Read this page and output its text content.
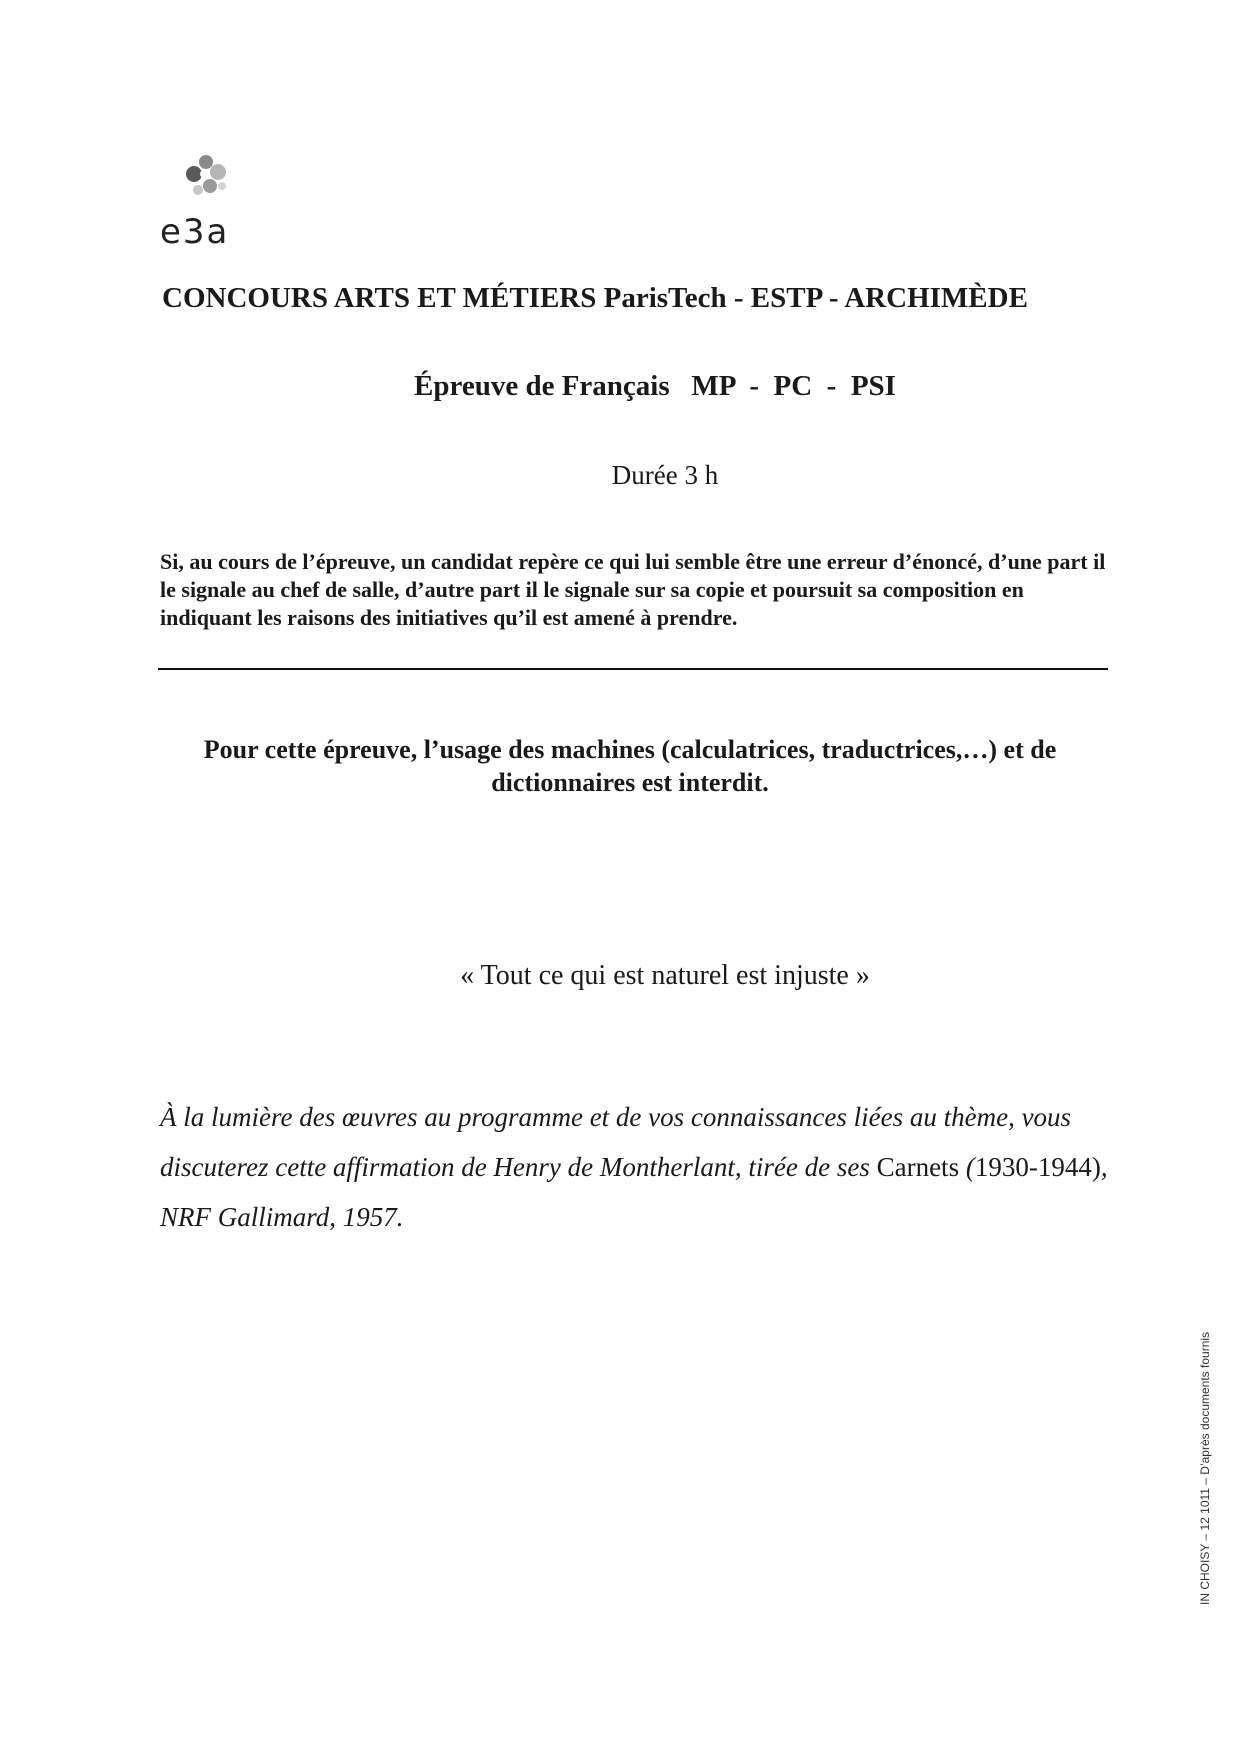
e3a
CONCOURS ARTS ET MÉTIERS ParisTech - ESTP - ARCHIMÈDE
Épreuve de Français   MP  -  PC  -  PSI
Durée 3 h

Si, au cours de l’épreuve, un candidat repère ce qui lui semble être une erreur d’énoncé, d’une part il le signale au chef de salle, d’autre part il le signale sur sa copie et poursuit sa composition en indiquant les raisons des initiatives qu’il est amené à prendre.

Pour cette épreuve, l’usage des machines (calculatrices, traductrices,…) et de dictionnaires est interdit.

« Tout ce qui est naturel est injuste »

À la lumière des œuvres au programme et de vos connaissances liées au thème, vous discuterez cette affirmation de Henry de Montherlant, tirée de ses Carnets (1930-1944), NRF Gallimard, 1957.

IN CHOISY – 12 1011 – D’après documents fournis
